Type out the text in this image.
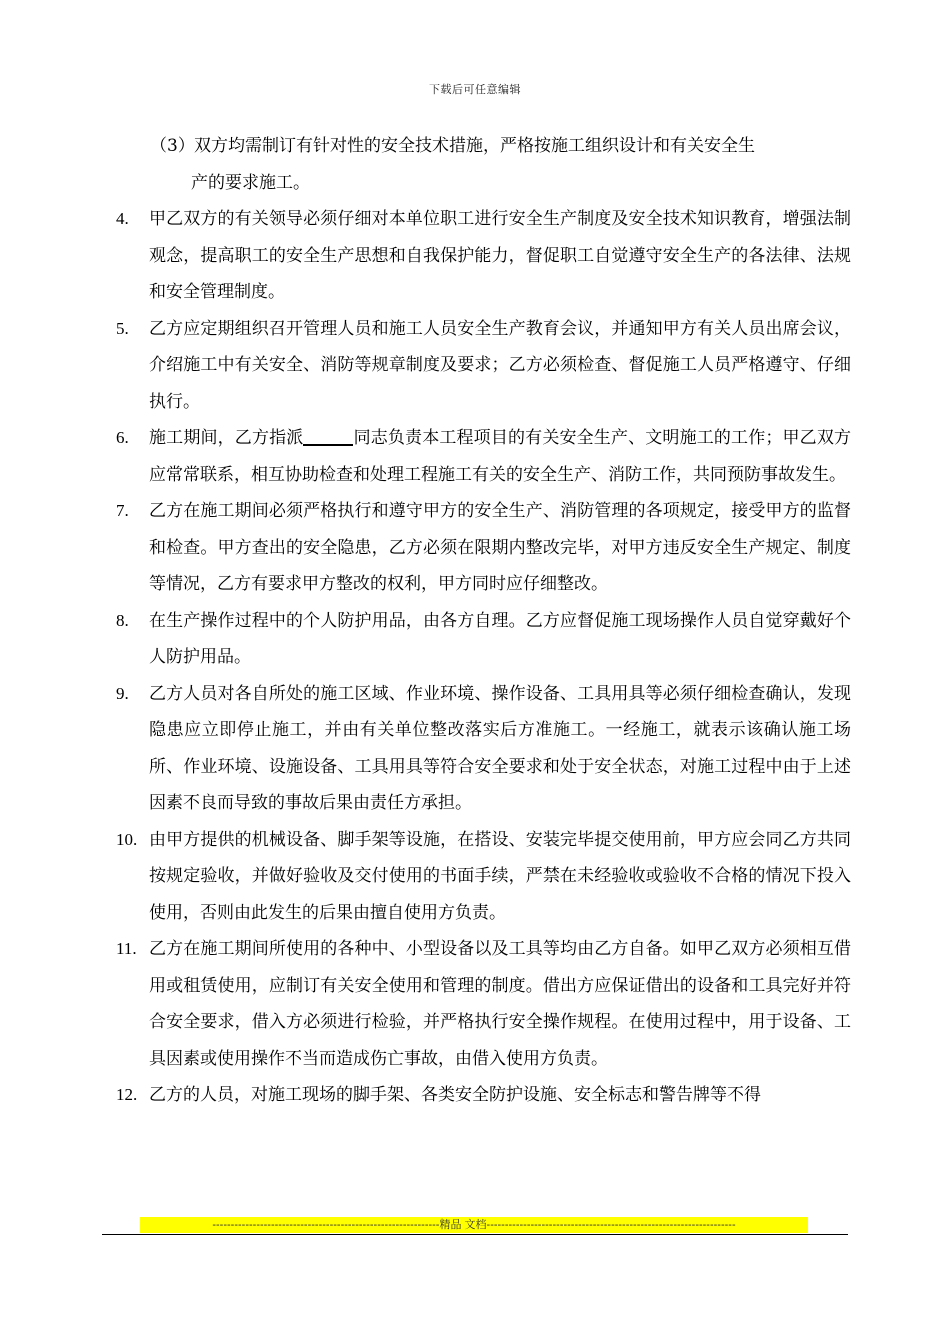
下载后可任意编辑
（3） 双方均需制订有针对性的安全技术措施，严格按施工组织设计和有关安全生
产的要求施工。
4. 甲乙双方的有关领导必须仔细对本单位职工进行安全生产制度及安全技术知识教育，增强法制观念，提高职工的安全生产思想和自我保护能力，督促职工自觉遵守安全生产的各法律、法规和安全管理制度。
5. 乙方应定期组织召开管理人员和施工人员安全生产教育会议，并通知甲方有关人员出席会议，介绍施工中有关安全、消防等规章制度及要求；乙方必须检查、督促施工人员严格遵守、仔细执行。
6. 施工期间，乙方指派	同志负责本工程项目的有关安全生产、文明施工的工作；甲乙双方应常常联系，相互协助检查和处理工程施工有关的安全生产、消防工作，共同预防事故发生。
7. 乙方在施工期间必须严格执行和遵守甲方的安全生产、消防管理的各项规定，接受甲方的监督和检查。甲方查出的安全隐患，乙方必须在限期内整改完毕，对甲方违反安全生产规定、制度等情况，乙方有要求甲方整改的权利，甲方同时应仔细整改。
8. 在生产操作过程中的个人防护用品，由各方自理。乙方应督促施工现场操作人员自觉穿戴好个人防护用品。
9. 乙方人员对各自所处的施工区域、作业环境、操作设备、工具用具等必须仔细检查确认，发现隐患应立即停止施工，并由有关单位整改落实后方准施工。一经施工，就表示该确认施工场所、作业环境、设施设备、工具用具等符合安全要求和处于安全状态，对施工过程中由于上述因素不良而导致的事故后果由责任方承担。
10. 由甲方提供的机械设备、脚手架等设施，在搭设、安装完毕提交使用前，甲方应会同乙方共同按规定验收，并做好验收及交付使用的书面手续，严禁在未经验收或验收不合格的情况下投入使用，否则由此发生的后果由擅自使用方负责。
11. 乙方在施工期间所使用的各种中、小型设备以及工具等均由乙方自备。如甲乙双方必须相互借用或租赁使用，应制订有关安全使用和管理的制度。借出方应保证借出的设备和工具完好并符合安全要求，借入方必须进行检验，并严格执行安全操作规程。在使用过程中，用于设备、工具因素或使用操作不当而造成伤亡事故，由借入使用方负责。
12. 乙方的人员，对施工现场的脚手架、各类安全防护设施、安全标志和警告牌等不得
--------------------------------------------------------------精品 文档--------------------------------------------------------------------
